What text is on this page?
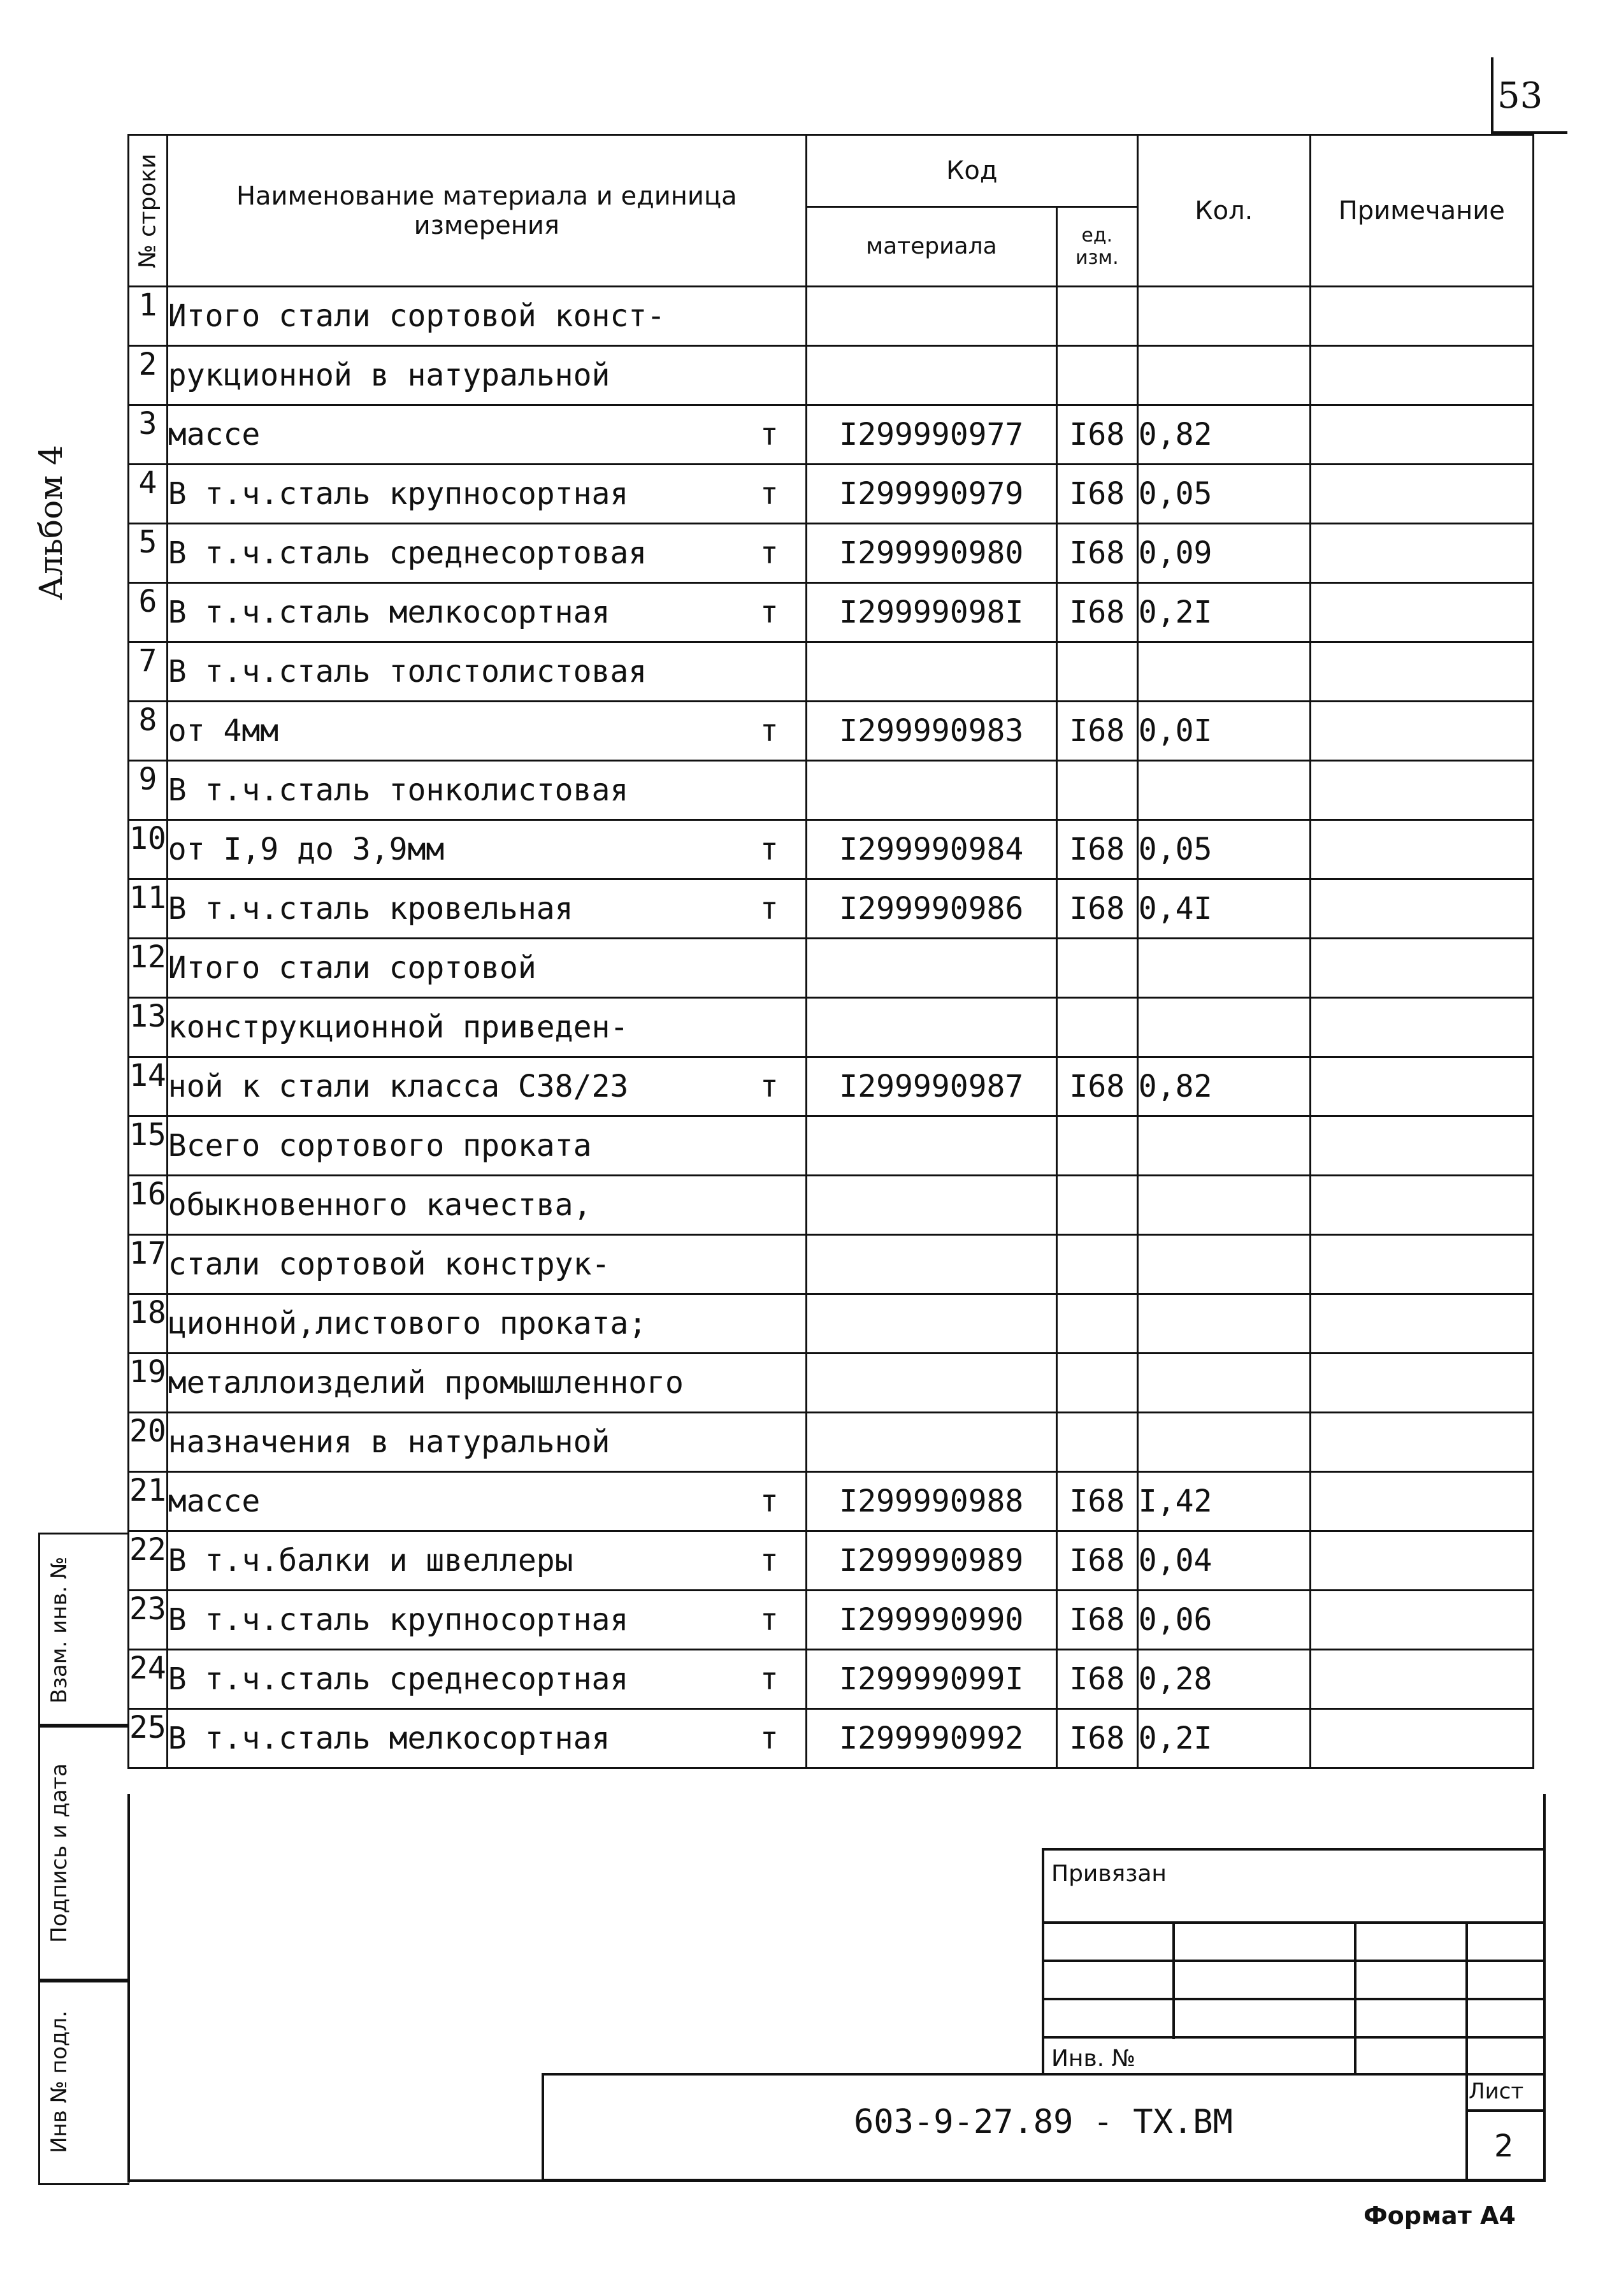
53
Альбом 4
№ строки	Наименование материала и единица измерения	Код		Кол.	Примечание
		материала	ед. изм.		
1	Итого стали сортовой конст-

2	рукционной в натуральной

3	массе т	I299990977	I68	0,82	
4	В т.ч.сталь крупносортная т	I299990979	I68	0,05	
5	В т.ч.сталь среднесортовая т	I299990980	I68	0,09	
6	В т.ч.сталь мелкосортная т	I29999098I	I68	0,2I	
7	В т.ч.сталь толстолистовая

8	от 4мм т	I299990983	I68	0,0I	
9	В т.ч.сталь тонколистовая

10	от I,9 до 3,9мм т	I299990984	I68	0,05	
11	В т.ч.сталь кровельная т	I299990986	I68	0,4I	
12	Итого стали сортовой

13	конструкционной приведен-

14	ной к стали класса С38/23 т	I299990987	I68	0,82	
15	Всего сортового проката

16	обыкновенного качества,

17	стали сортовой конструк-

18	ционной,листового проката;

19	металлоизделий промышленного

20	назначения в натуральной

21	массе т	I299990988	I68	I,42	
22	В т.ч.балки и швеллеры т	I299990989	I68	0,04	
23	В т.ч.сталь крупносортная т	I299990990	I68	0,06	
24	В т.ч.сталь среднесортная т	I29999099I	I68	0,28	
25	В т.ч.сталь мелкосортная т	I299990992	I68	0,2I	
Взам. инв. №
Подпись и дата
Инв № подл.
Привязан
Инв. №
603-9-27.89 - ТХ.ВМ
Лист
2
Формат А4
